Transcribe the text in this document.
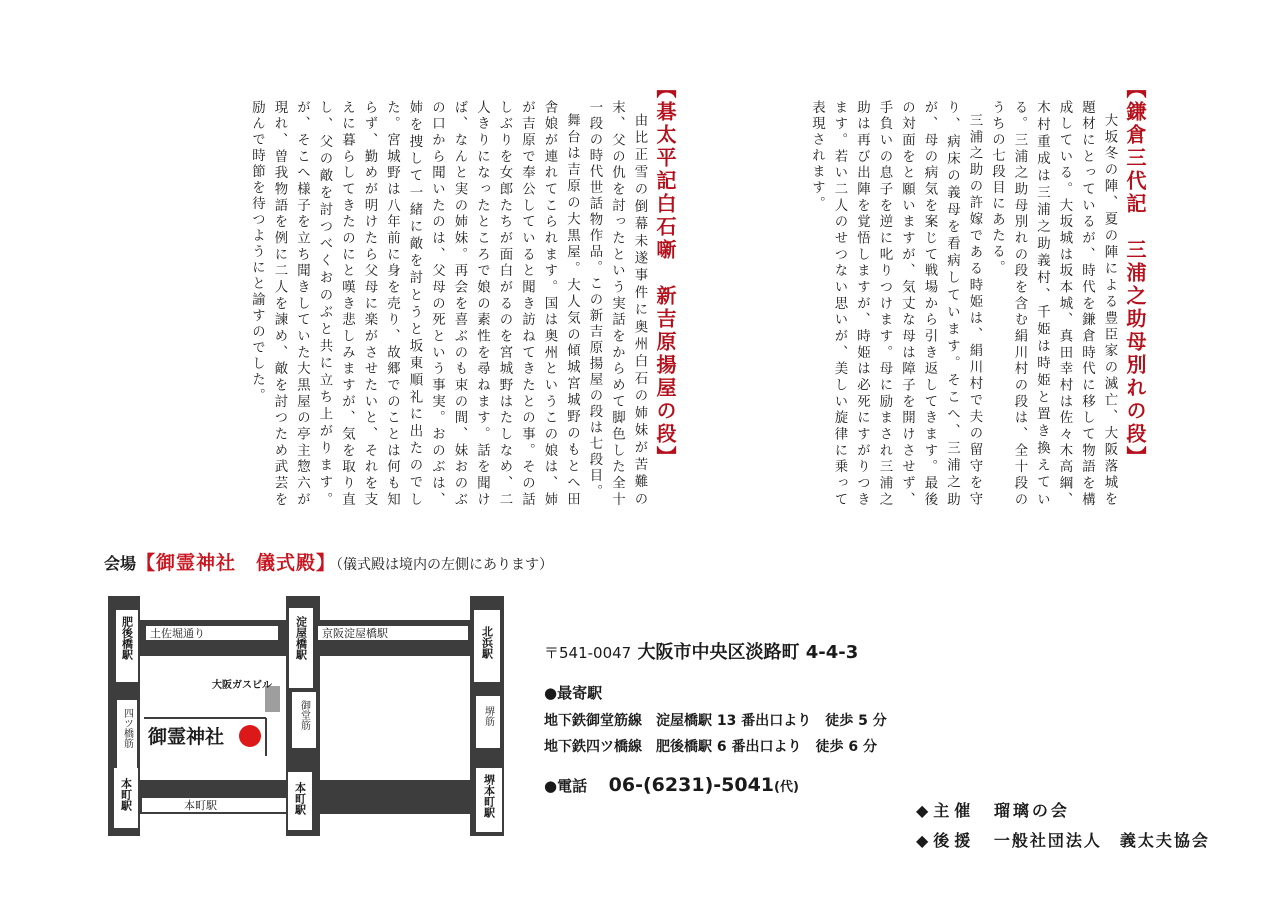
【鎌倉三代記　三浦之助母別れの段】

大坂冬の陣、夏の陣による豊臣家の滅亡、大阪落城を題材にとっているが、時代を鎌倉時代に移して物語を構成している。大坂城は坂本城、真田幸村は佐々木高綱、木村重成は三浦之助義村、千姫は時姫と置き換えている。三浦之助母別れの段を含む絹川村の段は、全十段のうちの七段目にあたる。

三浦之助の許嫁である時姫は、絹川村で夫の留守を守り、病床の義母を看病しています。そこへ、三浦之助が、母の病気を案じて戦場から引き返してきます。最後の対面をと願いますが、気丈な母は障子を開けさせず、手負いの息子を逆に叱りつけます。母に励まされ三浦之助は再び出陣を覚悟しますが、時姫は必死にすがりつきます。若い二人のせつない思いが、美しい旋律に乗って表現されます。

【碁太平記白石噺　新吉原揚屋の段】

由比正雪の倒幕未遂事件に奥州白石の姉妹が苦難の末、父の仇を討ったという実話をからめて脚色した全十一段の時代世話物作品。この新吉原揚屋の段は七段目。

舞台は吉原の大黒屋。大人気の傾城宮城野のもとへ田舎娘が連れてこられます。国は奥州というこの娘は、姉が吉原で奉公していると聞き訪ねてきたとの事。その話しぶりを女郎たちが面白がるのを宮城野はたしなめ、二人きりになったところで娘の素性を尋ねます。話を聞けば、なんと実の姉妹。再会を喜ぶのも束の間、妹おのぶの口から聞いたのは、父母の死という事実。おのぶは、姉を捜して一緒に敵を討とうと坂東順礼に出たのでした。宮城野は八年前に身を売り、故郷でのことは何も知らず、勤めが明けたら父母に楽がさせたいと、それを支えに暮らしてきたのにと嘆き悲しみますが、気を取り直し、父の敵を討つべくおのぶと共に立ち上がります。が、そこへ様子を立ち聞きしていた大黒屋の亭主惣六が現れ、曽我物語を例に二人を諫め、敵を討つため武芸を励んで時節を待つようにと諭すのでした。

会場【御霊神社　儀式殿】（儀式殿は境内の左側にあります）
土佐堀通り	京阪淀屋橋駅
本町駅
大阪ガスビル
御霊神社
肥後橋駅	淀屋橋駅	北浜駅
四ツ橋筋	御堂筋	堺筋
本町駅	本町駅	堺本町駅
〒541-0047 大阪市中央区淡路町 4-4-3
●最寄駅
地下鉄御堂筋線　淀屋橋駅 13 番出口より　徒歩 5 分
地下鉄四ツ橋線　肥後橋駅 6 番出口より　徒歩 6 分
●電話 06-(6231)-5041(代)
◆主催 瑠璃の会
◆後援 一般社団法人　義太夫協会
